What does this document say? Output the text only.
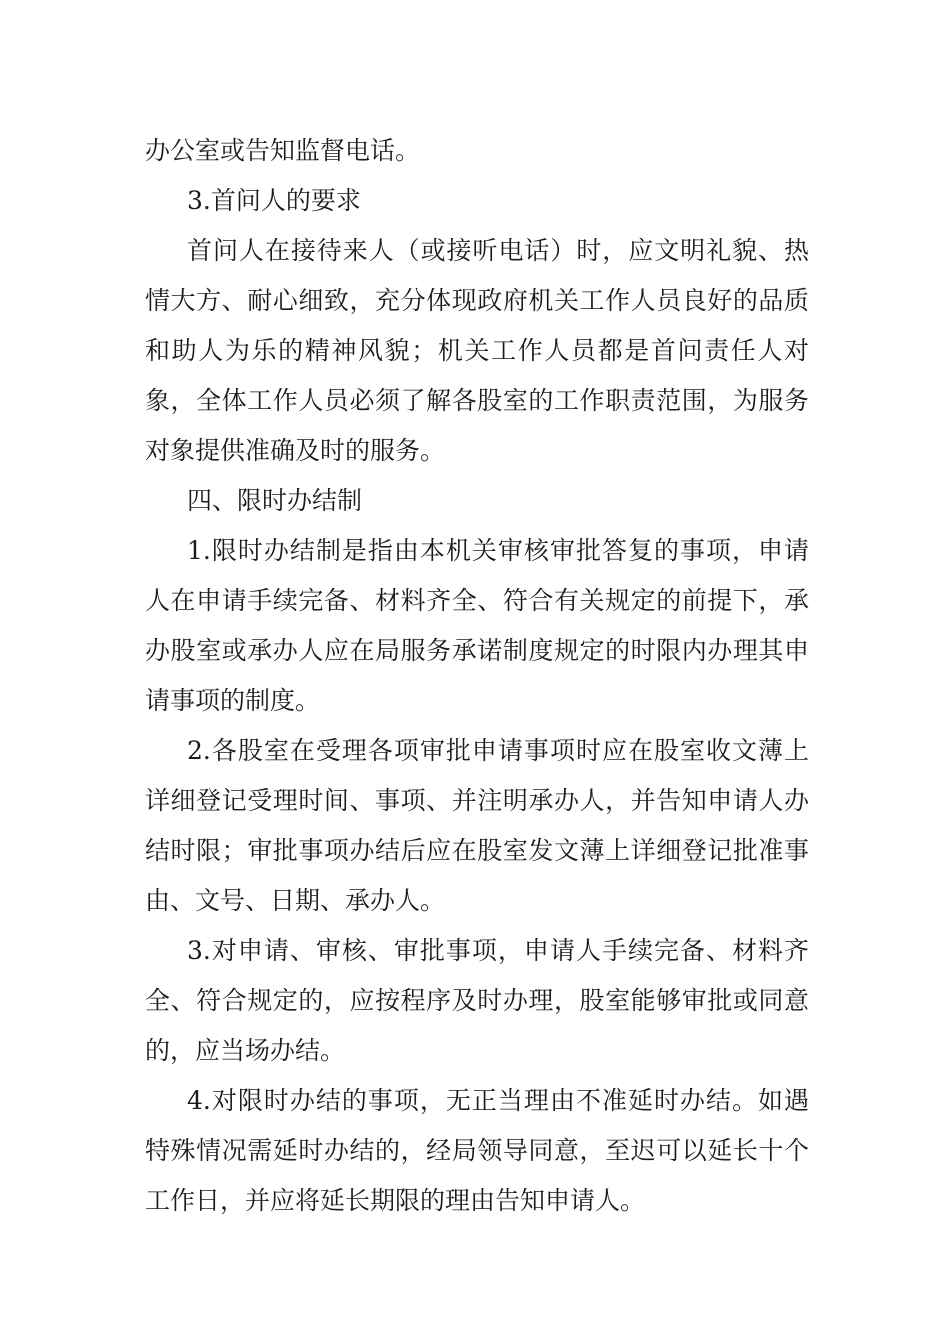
办公室或告知监督电话。

3.首问人的要求

首问人在接待来人（或接听电话）时，应文明礼貌、热情大方、耐心细致，充分体现政府机关工作人员良好的品质和助人为乐的精神风貌；机关工作人员都是首问责任人对象，全体工作人员必须了解各股室的工作职责范围，为服务对象提供准确及时的服务。

四、限时办结制

1.限时办结制是指由本机关审核审批答复的事项，申请人在申请手续完备、材料齐全、符合有关规定的前提下，承办股室或承办人应在局服务承诺制度规定的时限内办理其申请事项的制度。

2.各股室在受理各项审批申请事项时应在股室收文薄上详细登记受理时间、事项、并注明承办人，并告知申请人办结时限；审批事项办结后应在股室发文薄上详细登记批准事由、文号、日期、承办人。

3.对申请、审核、审批事项，申请人手续完备、材料齐全、符合规定的，应按程序及时办理，股室能够审批或同意的，应当场办结。

4.对限时办结的事项，无正当理由不准延时办结。如遇特殊情况需延时办结的，经局领导同意，至迟可以延长十个工作日，并应将延长期限的理由告知申请人。
